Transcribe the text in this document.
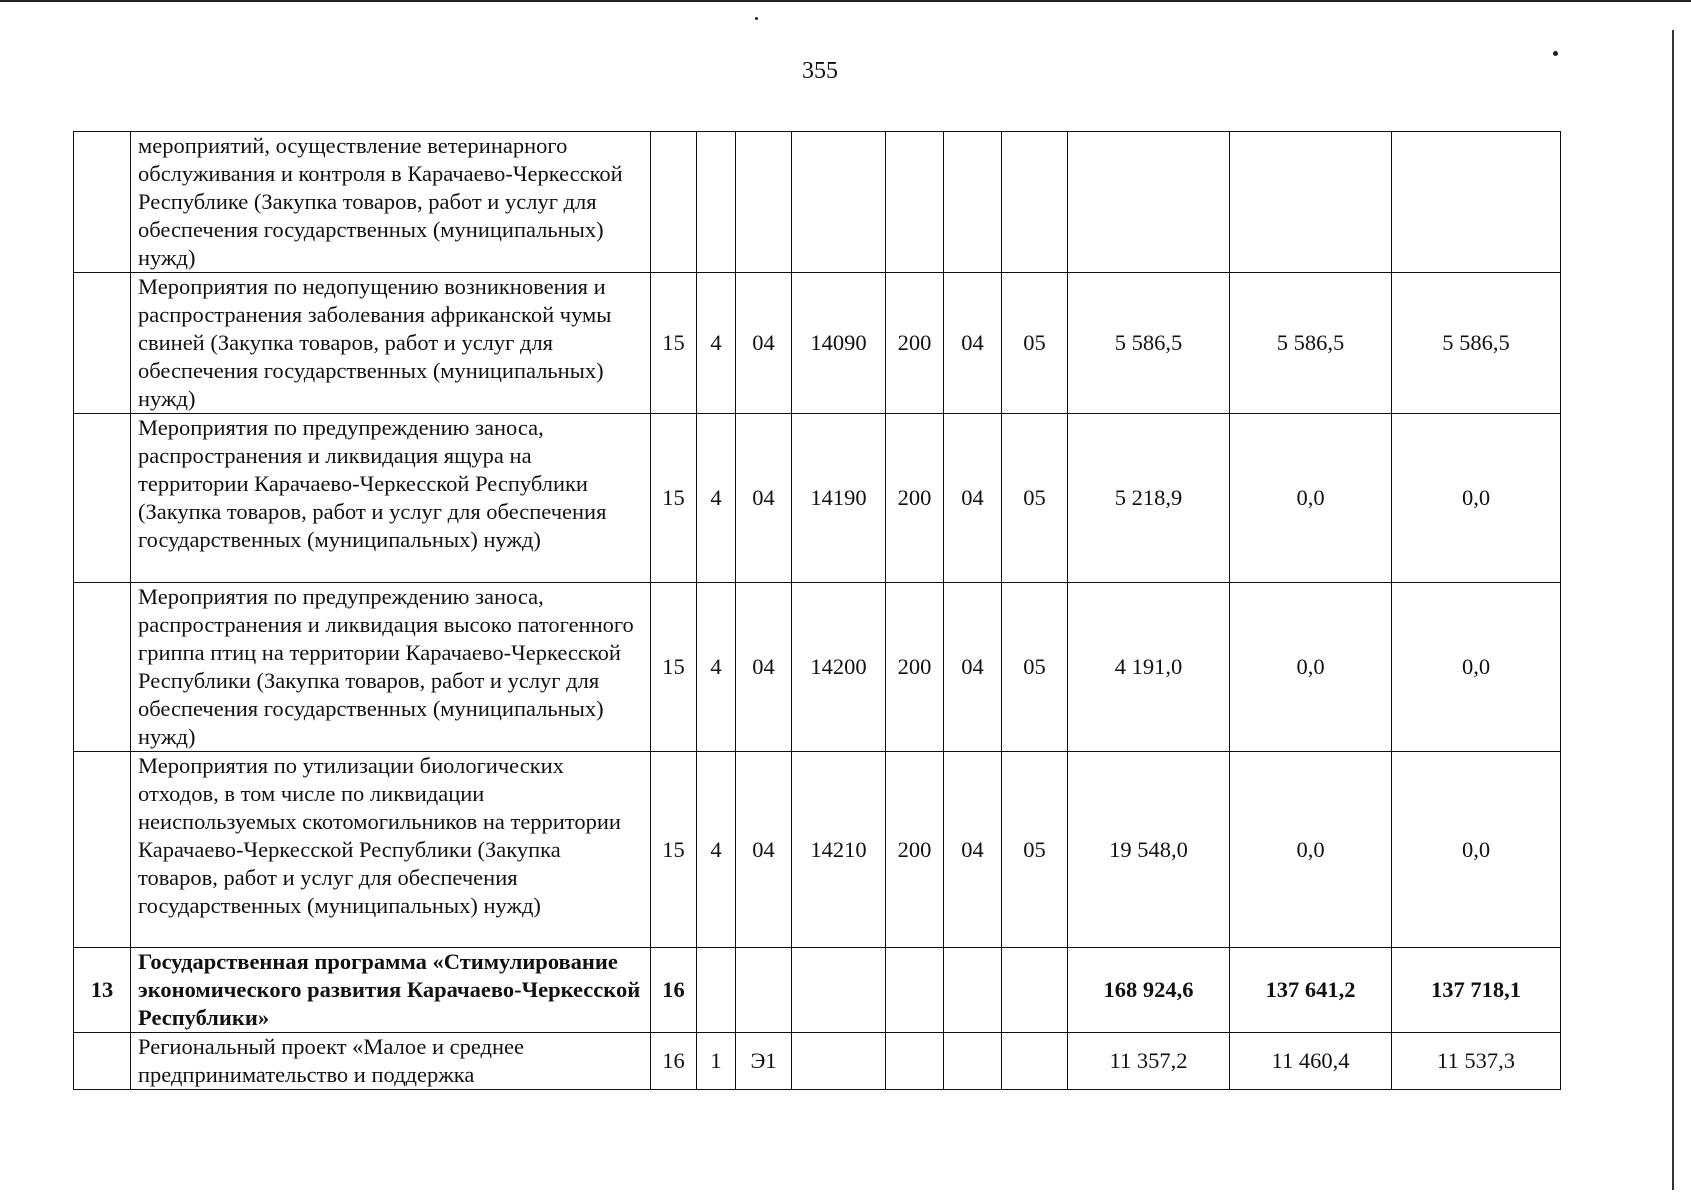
355
	мероприятий, осуществление ветеринарного обслуживания и контроля в Карачаево-Черкесской Республике (Закупка товаров, работ и услуг для обеспечения государственных (муниципальных) нужд)										
	Мероприятия по недопущению возникновения и распространения заболевания африканской чумы свиней (Закупка товаров, работ и услуг для обеспечения государственных (муниципальных) нужд)	15	4	04	14090	200	04	05	5 586,5	5 586,5	5 586,5
	Мероприятия по предупреждению заноса, распространения и ликвидация ящура на территории Карачаево-Черкесской Республики (Закупка товаров, работ и услуг для обеспечения государственных (муниципальных) нужд)	15	4	04	14190	200	04	05	5 218,9	0,0	0,0
	Мероприятия по предупреждению заноса, распространения и ликвидация высоко патогенного гриппа птиц на территории Карачаево-Черкесской Республики (Закупка товаров, работ и услуг для обеспечения государственных (муниципальных) нужд)	15	4	04	14200	200	04	05	4 191,0	0,0	0,0
	Мероприятия по утилизации биологических отходов, в том числе по ликвидации неиспользуемых скотомогильников на территории Карачаево-Черкесской Республики (Закупка товаров, работ и услуг для обеспечения государственных (муниципальных) нужд)	15	4	04	14210	200	04	05	19 548,0	0,0	0,0
13	Государственная программа «Стимулирование экономического развития Карачаево-Черкесской Республики»	16							168 924,6	137 641,2	137 718,1
	Региональный проект «Малое и среднее предпринимательство и поддержка	16	1	Э1					11 357,2	11 460,4	11 537,3
